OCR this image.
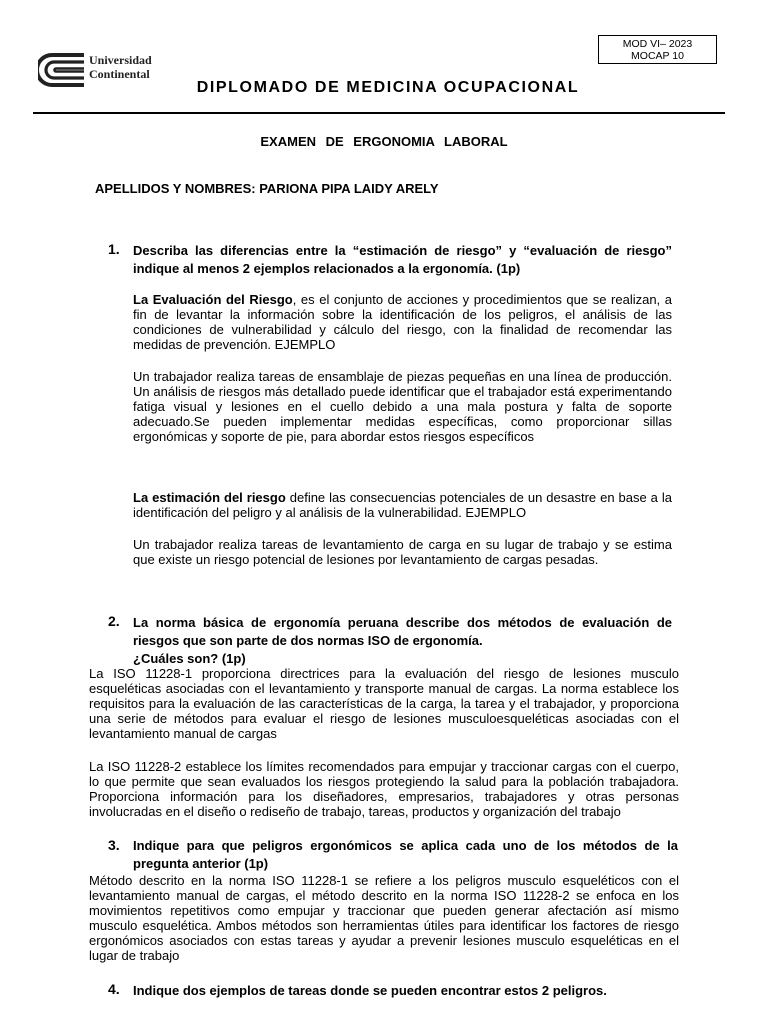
MOD VI– 2023
MOCAP 10
Universidad
Continental
DIPLOMADO DE MEDICINA OCUPACIONAL
EXAMEN DE ERGONOMIA LABORAL
APELLIDOS Y NOMBRES: PARIONA PIPA LAIDY ARELY
1. Describa las diferencias entre la “estimación de riesgo” y “evaluación de riesgo” indique al menos 2 ejemplos relacionados a la ergonomía. (1p)
La Evaluación del Riesgo, es el conjunto de acciones y procedimientos que se realizan, a fin de levantar la información sobre la identificación de los peligros, el análisis de las condiciones de vulnerabilidad y cálculo del riesgo, con la finalidad de recomendar las medidas de prevención. EJEMPLO
Un trabajador realiza tareas de ensamblaje de piezas pequeñas en una línea de producción. Un análisis de riesgos más detallado puede identificar que el trabajador está experimentando fatiga visual y lesiones en el cuello debido a una mala postura y falta de soporte adecuado.Se pueden implementar medidas específicas, como proporcionar sillas ergonómicas y soporte de pie, para abordar estos riesgos específicos
La estimación del riesgo define las consecuencias potenciales de un desastre en base a la identificación del peligro y al análisis de la vulnerabilidad. EJEMPLO
Un trabajador realiza tareas de levantamiento de carga en su lugar de trabajo y se estima que existe un riesgo potencial de lesiones por levantamiento de cargas pesadas.
2. La norma básica de ergonomía peruana describe dos métodos de evaluación de riesgos que son parte de dos normas ISO de ergonomía.
¿Cuáles son? (1p)
La ISO 11228-1 proporciona directrices para la evaluación del riesgo de lesiones musculo esqueléticas asociadas con el levantamiento y transporte manual de cargas. La norma establece los requisitos para la evaluación de las características de la carga, la tarea y el trabajador, y proporciona una serie de métodos para evaluar el riesgo de lesiones musculoesqueléticas asociadas con el levantamiento manual de cargas
La ISO 11228-2 establece los límites recomendados para empujar y traccionar cargas con el cuerpo, lo que permite que sean evaluados los riesgos protegiendo la salud para la población trabajadora. Proporciona información para los diseñadores, empresarios, trabajadores y otras personas involucradas en el diseño o rediseño de trabajo, tareas, productos y organización del trabajo
3. Indique para que peligros ergonómicos se aplica cada uno de los métodos de la pregunta anterior (1p)
Método descrito en la norma ISO 11228-1 se refiere a los peligros musculo esqueléticos con el levantamiento manual de cargas, el método descrito en la norma ISO 11228-2 se enfoca en los movimientos repetitivos como empujar y traccionar que pueden generar afectación así mismo musculo esquelética. Ambos métodos son herramientas útiles para identificar los factores de riesgo ergonómicos asociados con estas tareas y ayudar a prevenir lesiones musculo esqueléticas en el lugar de trabajo
4. Indique dos ejemplos de tareas donde se pueden encontrar estos 2 peligros.
